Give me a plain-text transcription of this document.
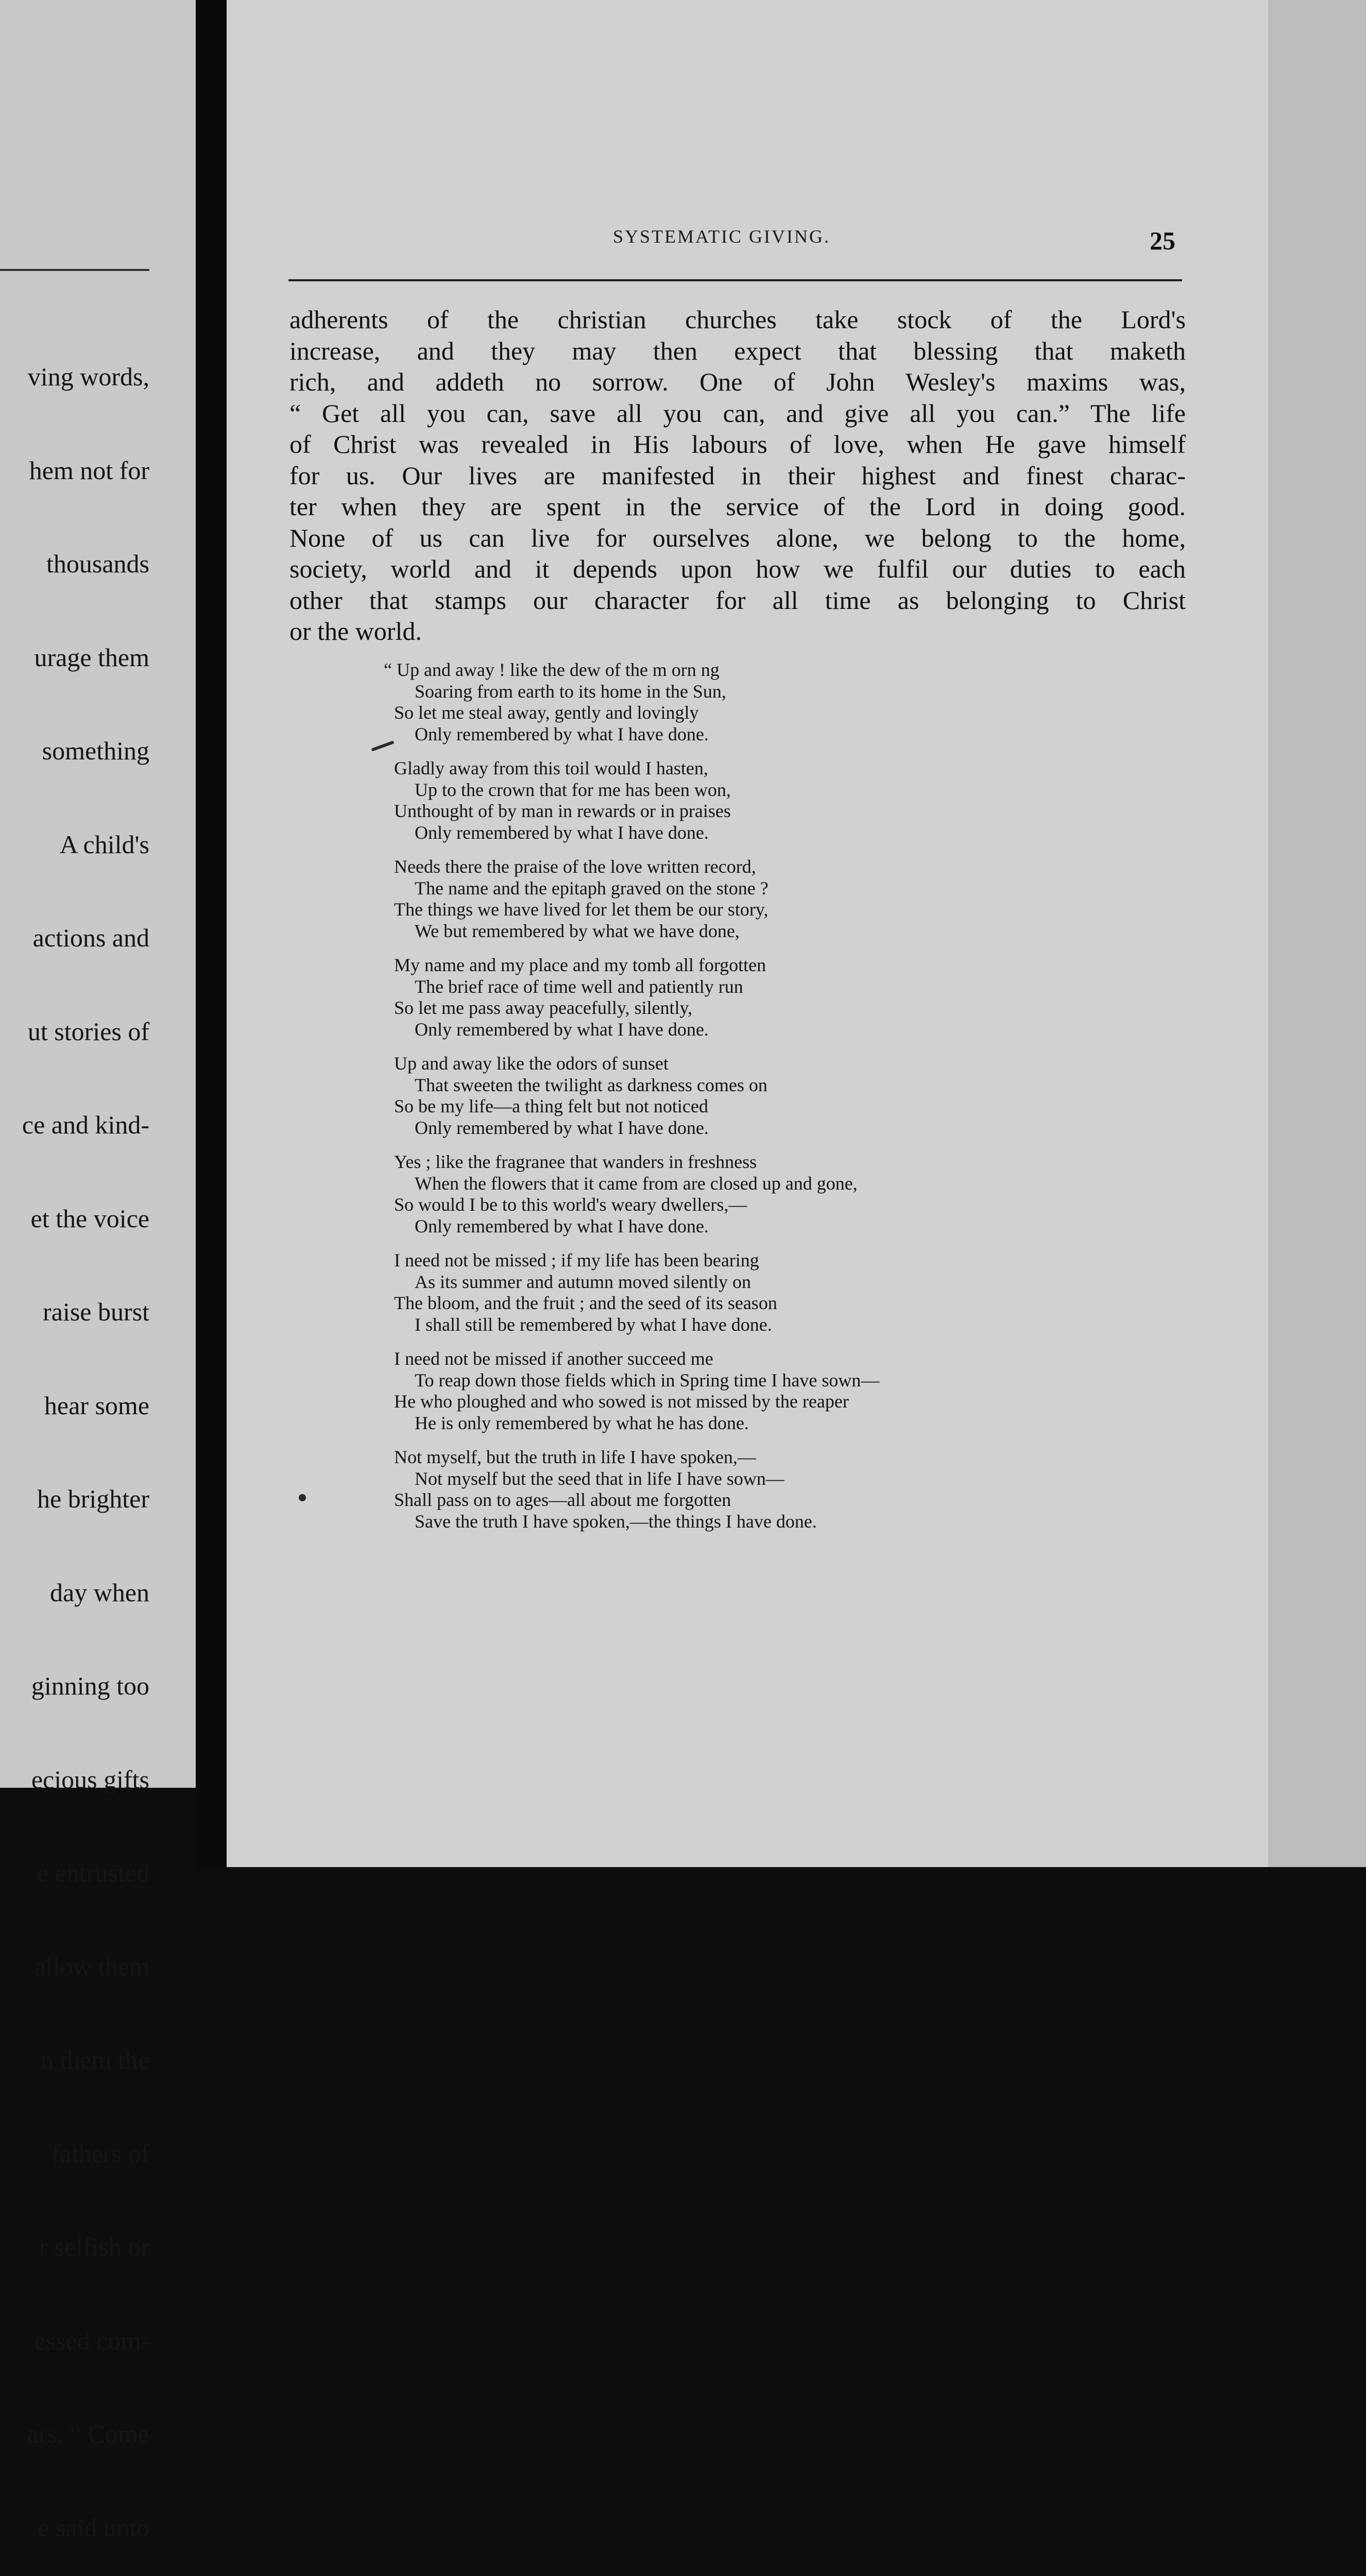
ving words,

hem not for

thousands

urage them

something

A child's

actions and

ut stories of

ce and kind-

et the voice

raise burst

hear some

he brighter

day when

ginning too

ecious gifts

e entrusted

allow them

n them the

fathers of

r selfish or

essed com-

ars, “ Come

e said unto

SYSTEMATIC GIVING.	25
adherents of the christian churches take stock of the Lord's
increase, and they may then expect that blessing that maketh
rich, and addeth no sorrow. One of John Wesley's maxims was,
“ Get all you can, save all you can, and give all you can.” The life
of Christ was revealed in His labours of love, when He gave himself
for us. Our lives are manifested in their highest and finest charac-
ter when they are spent in the service of the Lord in doing good.
None of us can live for ourselves alone, we belong to the home,
society, world and it depends upon how we fulfil our duties to each
other that stamps our character for all time as belonging to Christ
or the world.
“ Up and away ! like the dew of the m orn ng
Soaring from earth to its home in the Sun,
So let me steal away, gently and lovingly
Only remembered by what I have done.
Gladly away from this toil would I hasten,
Up to the crown that for me has been won,
Unthought of by man in rewards or in praises
Only remembered by what I have done.
Needs there the praise of the love written record,
The name and the epitaph graved on the stone ?
The things we have lived for let them be our story,
We but remembered by what we have done,
My name and my place and my tomb all forgotten
The brief race of time well and patiently run
So let me pass away peacefully, silently,
Only remembered by what I have done.
Up and away like the odors of sunset
That sweeten the twilight as darkness comes on
So be my life—a thing felt but not noticed
Only remembered by what I have done.
Yes ; like the fragranee that wanders in freshness
When the flowers that it came from are closed up and gone,
So would I be to this world's weary dwellers,—
Only remembered by what I have done.
I need not be missed ; if my life has been bearing
As its summer and autumn moved silently on
The bloom, and the fruit ; and the seed of its season
I shall still be remembered by what I have done.
I need not be missed if another succeed me
To reap down those fields which in Spring time I have sown—
He who ploughed and who sowed is not missed by the reaper
He is only remembered by what he has done.
Not myself, but the truth in life I have spoken,—
Not myself but the seed that in life I have sown—
Shall pass on to ages—all about me forgotten
Save the truth I have spoken,—the things I have done.
